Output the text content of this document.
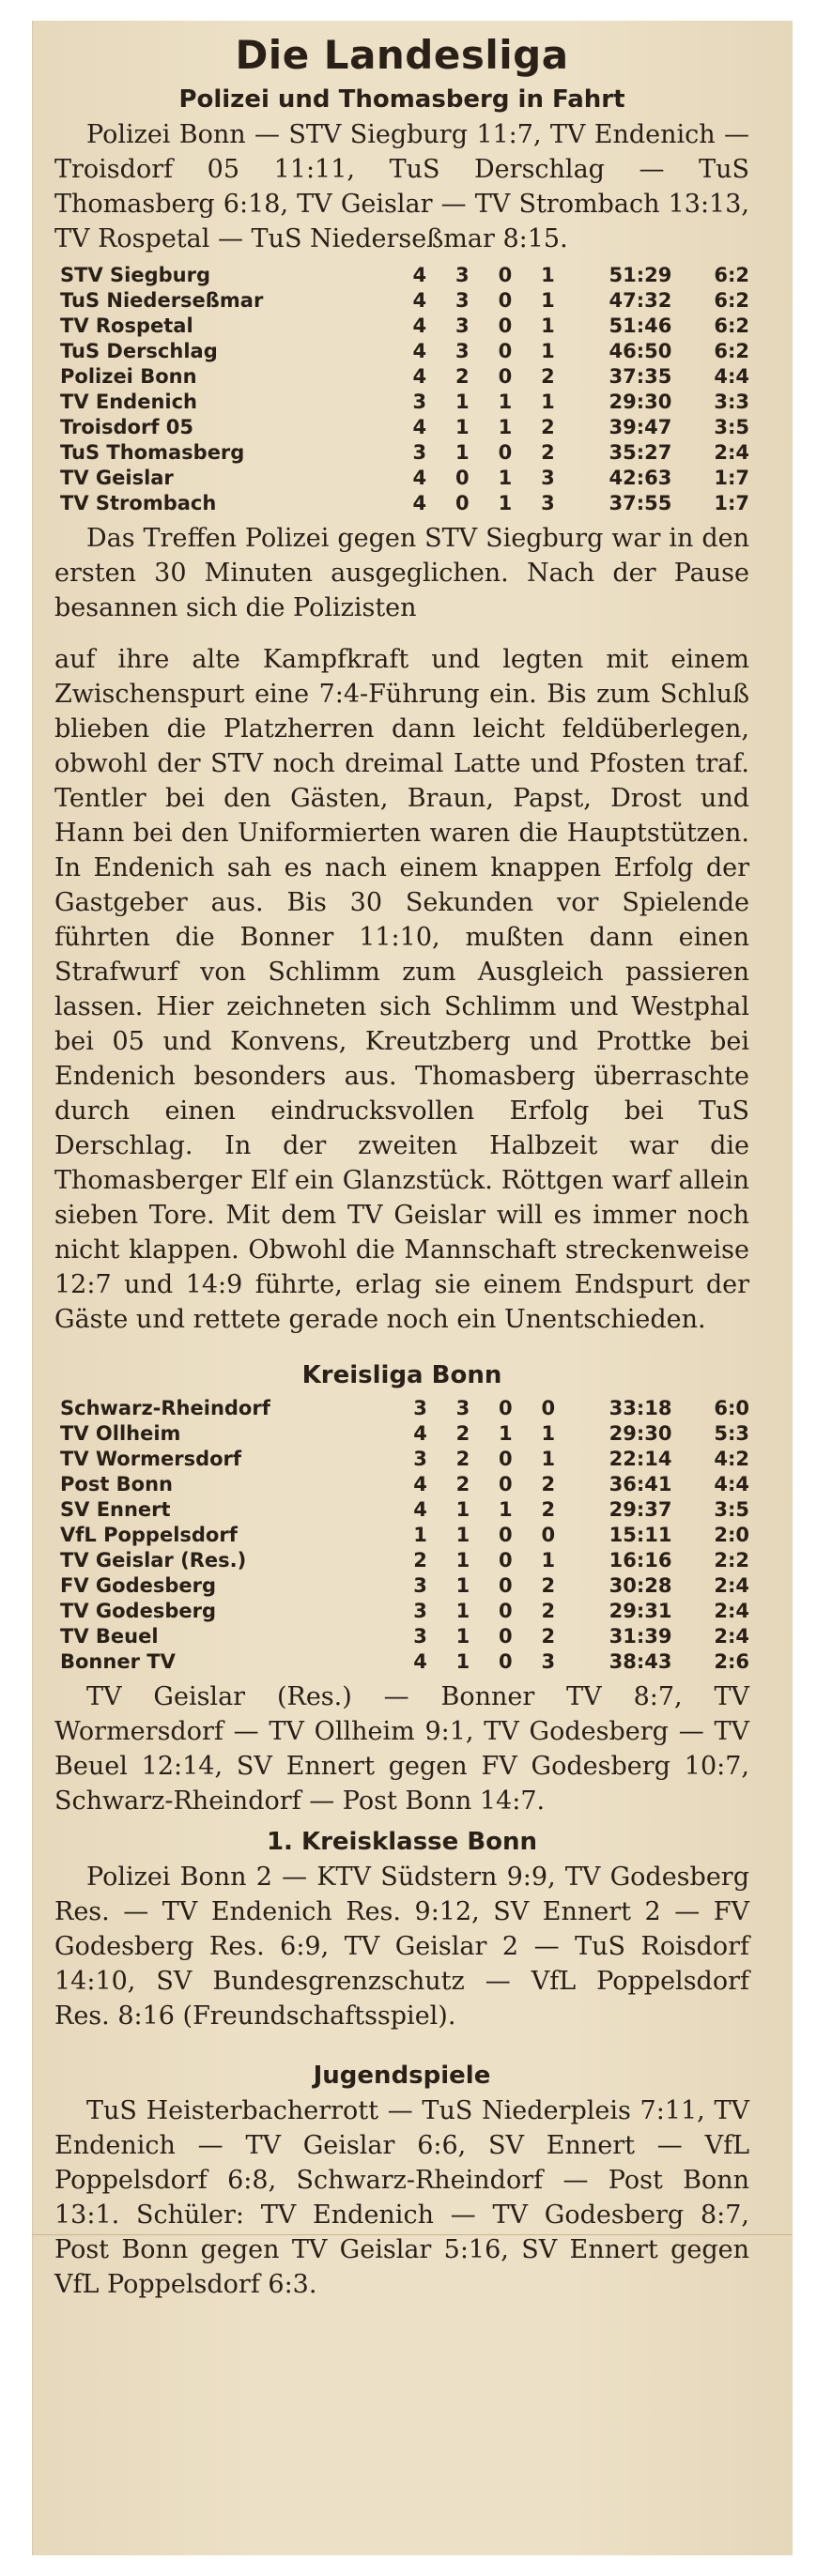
Die Landesliga
Polizei und Thomasberg in Fahrt

Polizei Bonn — STV Siegburg 11:7, TV Endenich — Troisdorf 05 11:11, TuS Derschlag — TuS Thomasberg 6:18, TV Geislar — TV Strombach 13:13, TV Rospetal — TuS Niederseßmar 8:15.

STV Siegburg	4	3	0	1	51:29	6:2
TuS Niederseßmar	4	3	0	1	47:32	6:2
TV Rospetal	4	3	0	1	51:46	6:2
TuS Derschlag	4	3	0	1	46:50	6:2
Polizei Bonn	4	2	0	2	37:35	4:4
TV Endenich	3	1	1	1	29:30	3:3
Troisdorf 05	4	1	1	2	39:47	3:5
TuS Thomasberg	3	1	0	2	35:27	2:4
TV Geislar	4	0	1	3	42:63	1:7
TV Strombach	4	0	1	3	37:55	1:7

Das Treffen Polizei gegen STV Siegburg war in den ersten 30 Minuten ausgeglichen. Nach der Pause besannen sich die Polizisten

auf ihre alte Kampfkraft und legten mit einem Zwischenspurt eine 7:4-Führung ein. Bis zum Schluß blieben die Platzherren dann leicht feldüberlegen, obwohl der STV noch dreimal Latte und Pfosten traf. Tentler bei den Gästen, Braun, Papst, Drost und Hann bei den Uniformierten waren die Hauptstützen. In Endenich sah es nach einem knappen Erfolg der Gastgeber aus. Bis 30 Sekunden vor Spielende führten die Bonner 11:10, mußten dann einen Strafwurf von Schlimm zum Ausgleich passieren lassen. Hier zeichneten sich Schlimm und Westphal bei 05 und Konvens, Kreutzberg und Prottke bei Endenich besonders aus. Thomasberg überraschte durch einen eindrucksvollen Erfolg bei TuS Derschlag. In der zweiten Halbzeit war die Thomasberger Elf ein Glanzstück. Röttgen warf allein sieben Tore. Mit dem TV Geislar will es immer noch nicht klappen. Obwohl die Mannschaft streckenweise 12:7 und 14:9 führte, erlag sie einem Endspurt der Gäste und rettete gerade noch ein Unentschieden.

Kreisliga Bonn
Schwarz-Rheindorf	3	3	0	0	33:18	6:0
TV Ollheim	4	2	1	1	29:30	5:3
TV Wormersdorf	3	2	0	1	22:14	4:2
Post Bonn	4	2	0	2	36:41	4:4
SV Ennert	4	1	1	2	29:37	3:5
VfL Poppelsdorf	1	1	0	0	15:11	2:0
TV Geislar (Res.)	2	1	0	1	16:16	2:2
FV Godesberg	3	1	0	2	30:28	2:4
TV Godesberg	3	1	0	2	29:31	2:4
TV Beuel	3	1	0	2	31:39	2:4
Bonner TV	4	1	0	3	38:43	2:6

TV Geislar (Res.) — Bonner TV 8:7, TV Wormersdorf — TV Ollheim 9:1, TV Godesberg — TV Beuel 12:14, SV Ennert gegen FV Godesberg 10:7, Schwarz-Rheindorf — Post Bonn 14:7.

1. Kreisklasse Bonn

Polizei Bonn 2 — KTV Südstern 9:9, TV Godesberg Res. — TV Endenich Res. 9:12, SV Ennert 2 — FV Godesberg Res. 6:9, TV Geislar 2 — TuS Roisdorf 14:10, SV Bundesgrenzschutz — VfL Poppelsdorf Res. 8:16 (Freundschaftsspiel).

Jugendspiele

TuS Heisterbacherrott — TuS Niederpleis 7:11, TV Endenich — TV Geislar 6:6, SV Ennert — VfL Poppelsdorf 6:8, Schwarz-Rheindorf — Post Bonn 13:1. Schüler: TV Endenich — TV Godesberg 8:7, Post Bonn gegen TV Geislar 5:16, SV Ennert gegen VfL Poppelsdorf 6:3.
